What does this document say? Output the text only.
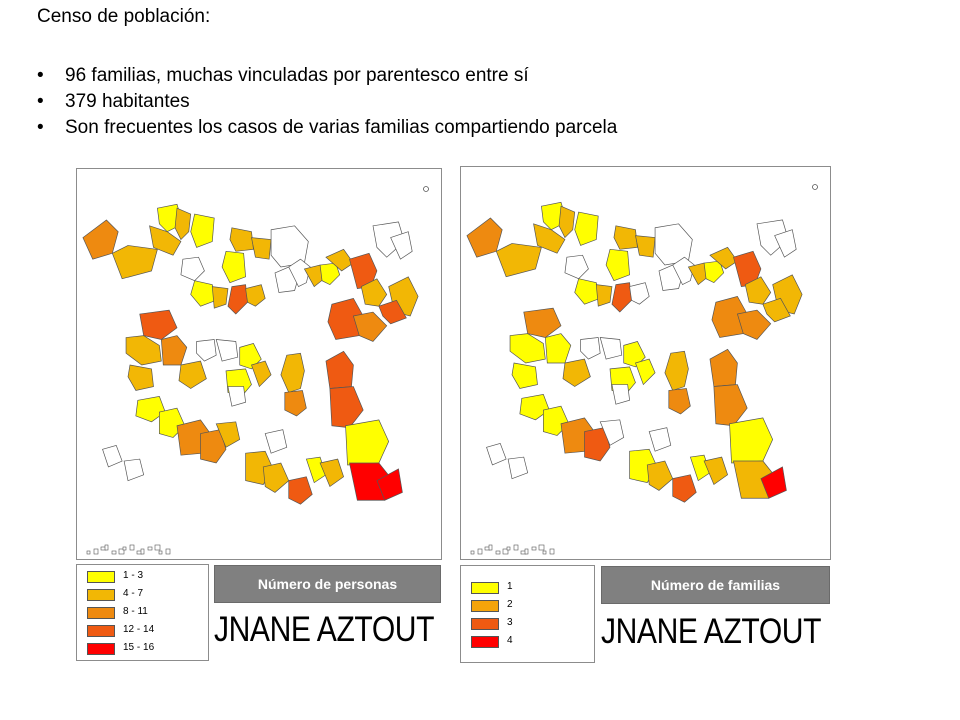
Censo de población:
• 96 familias, muchas vinculadas por parentesco entre sí
• 379 habitantes
• Son frecuentes los casos de varias familias compartiendo parcela
1 - 3
4 - 7
8 - 11
12 - 14
15 - 16
Número de personas
JNANE AZTOUT
1
2
3
4
Número de familias
JNANE AZTOUT
